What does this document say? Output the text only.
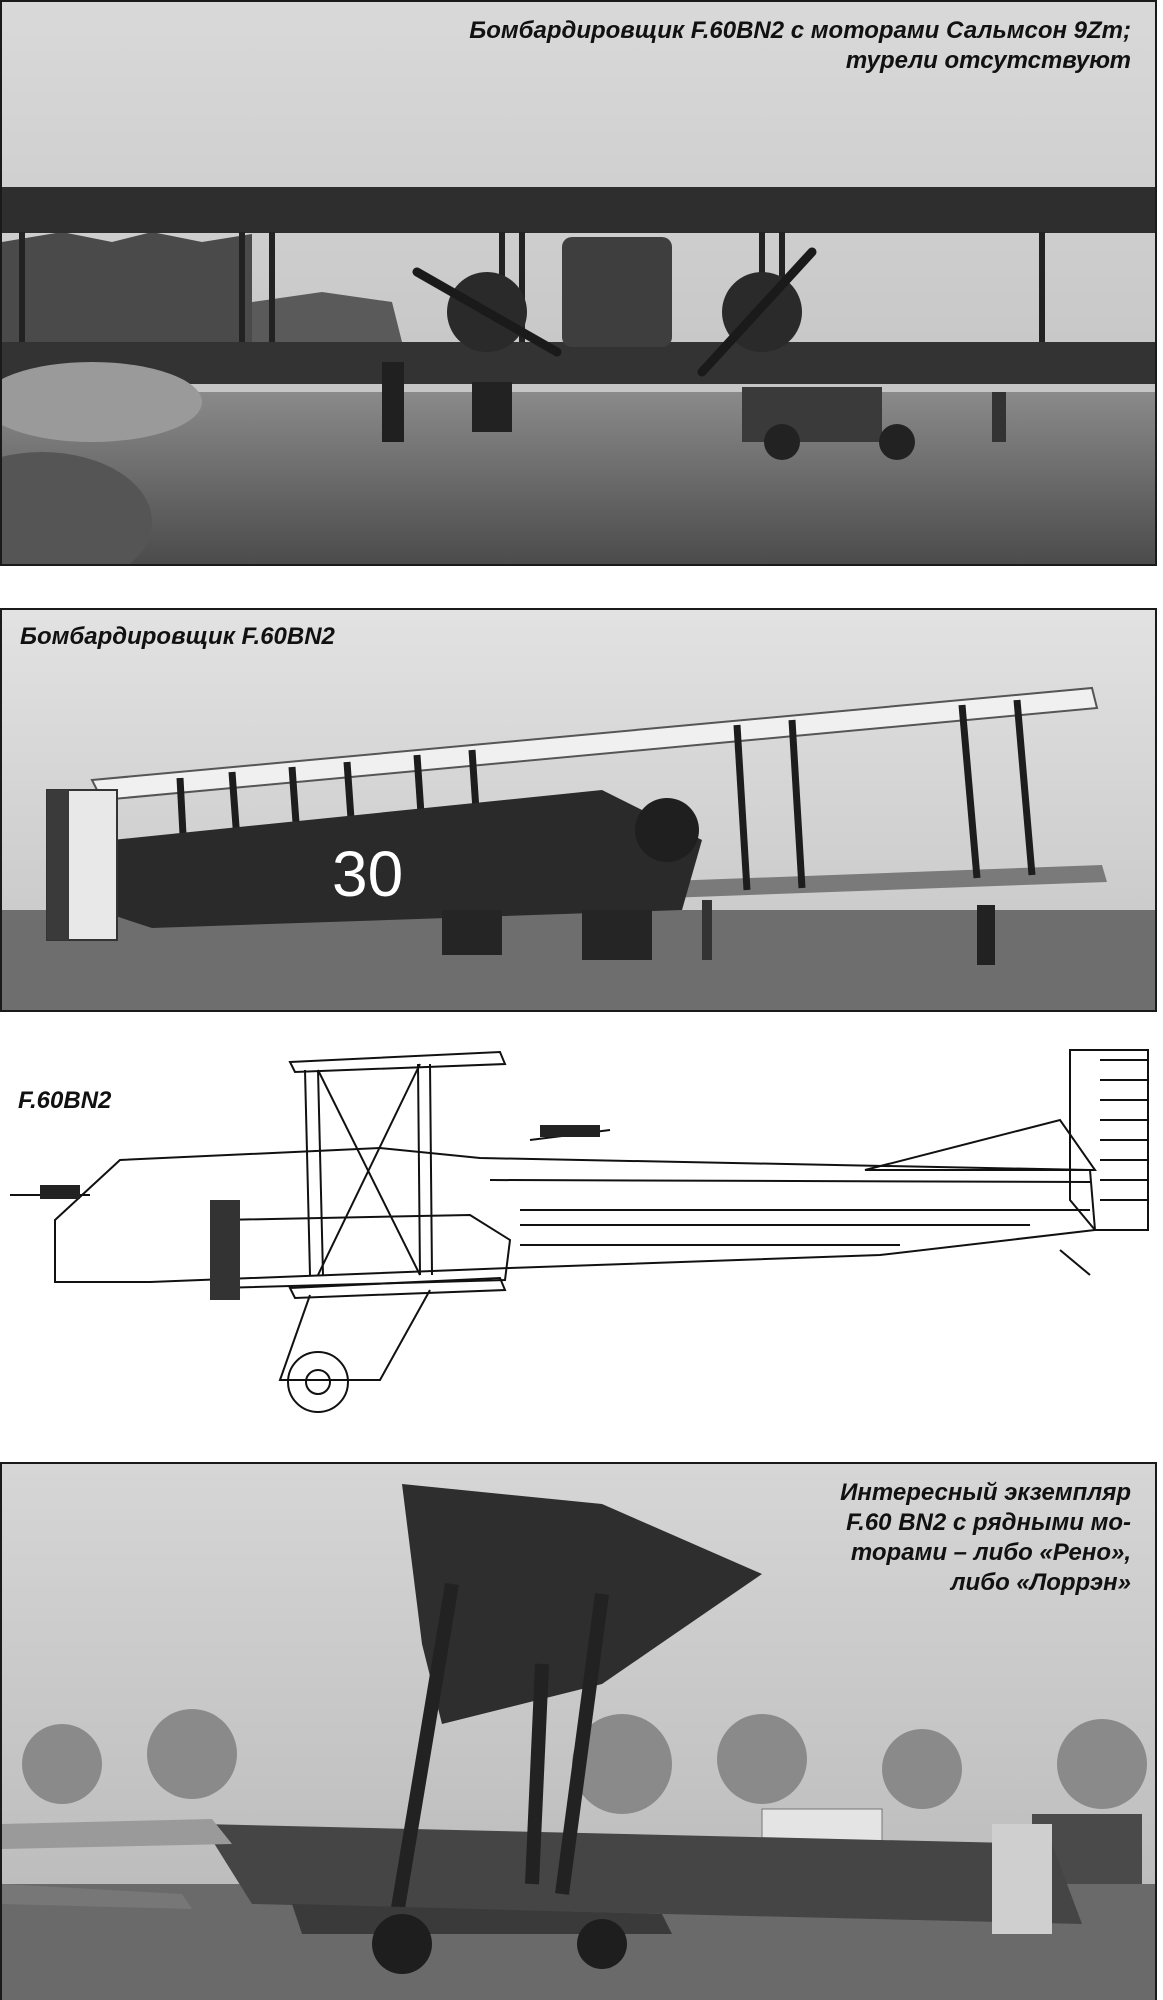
Бомбардировщик F.60BN2 с моторами Сальмсон 9Zm;
турели отсутствуют
30
Бомбардировщик F.60BN2
F.60BN2
Интересный экземпляр
F.60 BN2 с рядными мо-
торами – либо «Рено»,
либо «Лоррэн»
